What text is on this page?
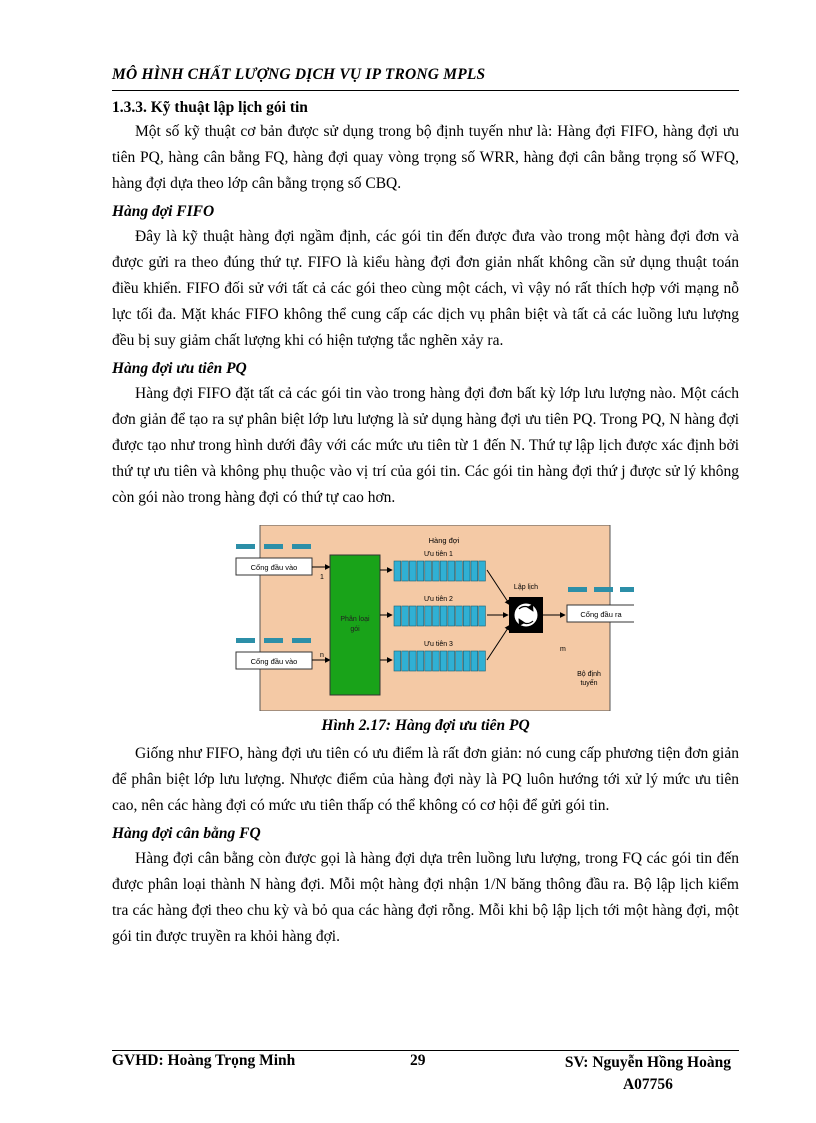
MÔ HÌNH CHẤT LƯỢNG DỊCH VỤ IP TRONG MPLS

1.3.3. Kỹ thuật lập lịch gói tin

Một số kỹ thuật cơ bản được sử dụng trong bộ định tuyến như là: Hàng đợi FIFO, hàng đợi ưu tiên PQ, hàng cân bằng FQ, hàng đợi quay vòng trọng số WRR, hàng đợi cân bằng trọng số WFQ, hàng đợi dựa theo lớp cân bằng trọng số CBQ.

Hàng đợi FIFO

Đây là kỹ thuật hàng đợi ngầm định, các gói tin đến được đưa vào trong một hàng đợi đơn và được gửi ra theo đúng thứ tự. FIFO là kiểu hàng đợi đơn giản nhất không cần sử dụng thuật toán điều khiển. FIFO đối sử với tất cả các gói theo cùng một cách, vì vậy nó rất thích hợp với mạng nỗ lực tối đa. Mặt khác FIFO không thể cung cấp các dịch vụ phân biệt và tất cả các luồng lưu lượng đều bị suy giảm chất lượng khi có hiện tượng tắc nghẽn xảy ra.

Hàng đợi ưu tiên PQ

Hàng đợi FIFO đặt tất cả các gói tin vào trong hàng đợi đơn bất kỳ lớp lưu lượng nào. Một cách đơn giản để tạo ra sự phân biệt lớp lưu lượng là sử dụng hàng đợi ưu tiên PQ. Trong PQ, N hàng đợi được tạo như trong hình dưới đây với các mức ưu tiên từ 1 đến N. Thứ tự lập lịch được xác định bởi thứ tự ưu tiên và không phụ thuộc vào vị trí của gói tin. Các gói tin hàng đợi thứ j được sử lý không còn gói nào trong hàng đợi có thứ tự cao hơn.

Cổng đầu vào
Cổng đầu vào
1
n
Phân loại
gói
Hàng đợi
Ưu tiên 1
Ưu tiên 2
Ưu tiên 3
Lập lịch
Cổng đầu ra
m
Bộ định
tuyến

Hình 2.17: Hàng đợi ưu tiên PQ

Giống như FIFO, hàng đợi ưu tiên có ưu điểm là rất đơn giản: nó cung cấp phương tiện đơn giản để phân biệt lớp lưu lượng. Nhược điểm của hàng đợi này là PQ luôn hướng tới xử lý mức ưu tiên cao, nên các hàng đợi có mức ưu tiên thấp có thể không có cơ hội để gửi gói tin.

Hàng đợi cân bằng FQ

Hàng đợi cân bằng còn được gọi là hàng đợi dựa trên luồng lưu lượng, trong FQ các gói tin đến được phân loại thành N hàng đợi. Mỗi một hàng đợi nhận 1/N băng thông đầu ra. Bộ lập lịch kiểm tra các hàng đợi theo chu kỳ và bỏ qua các hàng đợi rỗng. Mỗi khi bộ lập lịch tới một hàng đợi, một gói tin được truyền ra khỏi hàng đợi.

GVHD: Hoàng Trọng Minh	29	SV: Nguyễn Hồng Hoàng
A07756
